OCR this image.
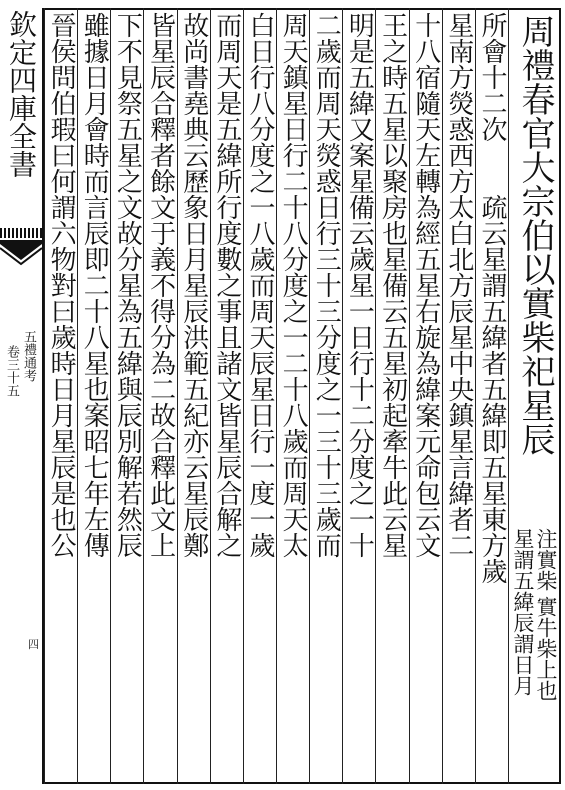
欽定四庫全書
五禮通考
卷三十五
四
周禮春官大宗伯以實柴祀星辰
注實柴
實牛柴上也
星謂五緯辰謂日月
所會十二次　　疏云星謂五緯者五緯即五星東方歲
星南方熒惑西方太白北方辰星中央鎮星言緯者二
十八宿隨天左轉為經五星右旋為緯案元命包云文
王之時五星以聚房也星備云五星初起牽牛此云星
明是五緯又案星備云歲星一日行十二分度之一十
二歲而周天熒惑日行三十三分度之一三十三歲而
周天鎮星日行二十八分度之一二十八歲而周天太
白日行八分度之一八歲而周天辰星日行一度一歲
而周天是五緯所行度數之事且諸文皆星辰合解之
故尚書堯典云歷象日月星辰洪範五紀亦云星辰鄭
皆星辰合釋者餘文于義不得分為二故合釋此文上
下不見祭五星之文故分星為五緯與辰別解若然辰
雖據日月會時而言辰即二十八星也案昭七年左傳
晉侯問伯瑕曰何謂六物對曰歲時日月星辰是也公
